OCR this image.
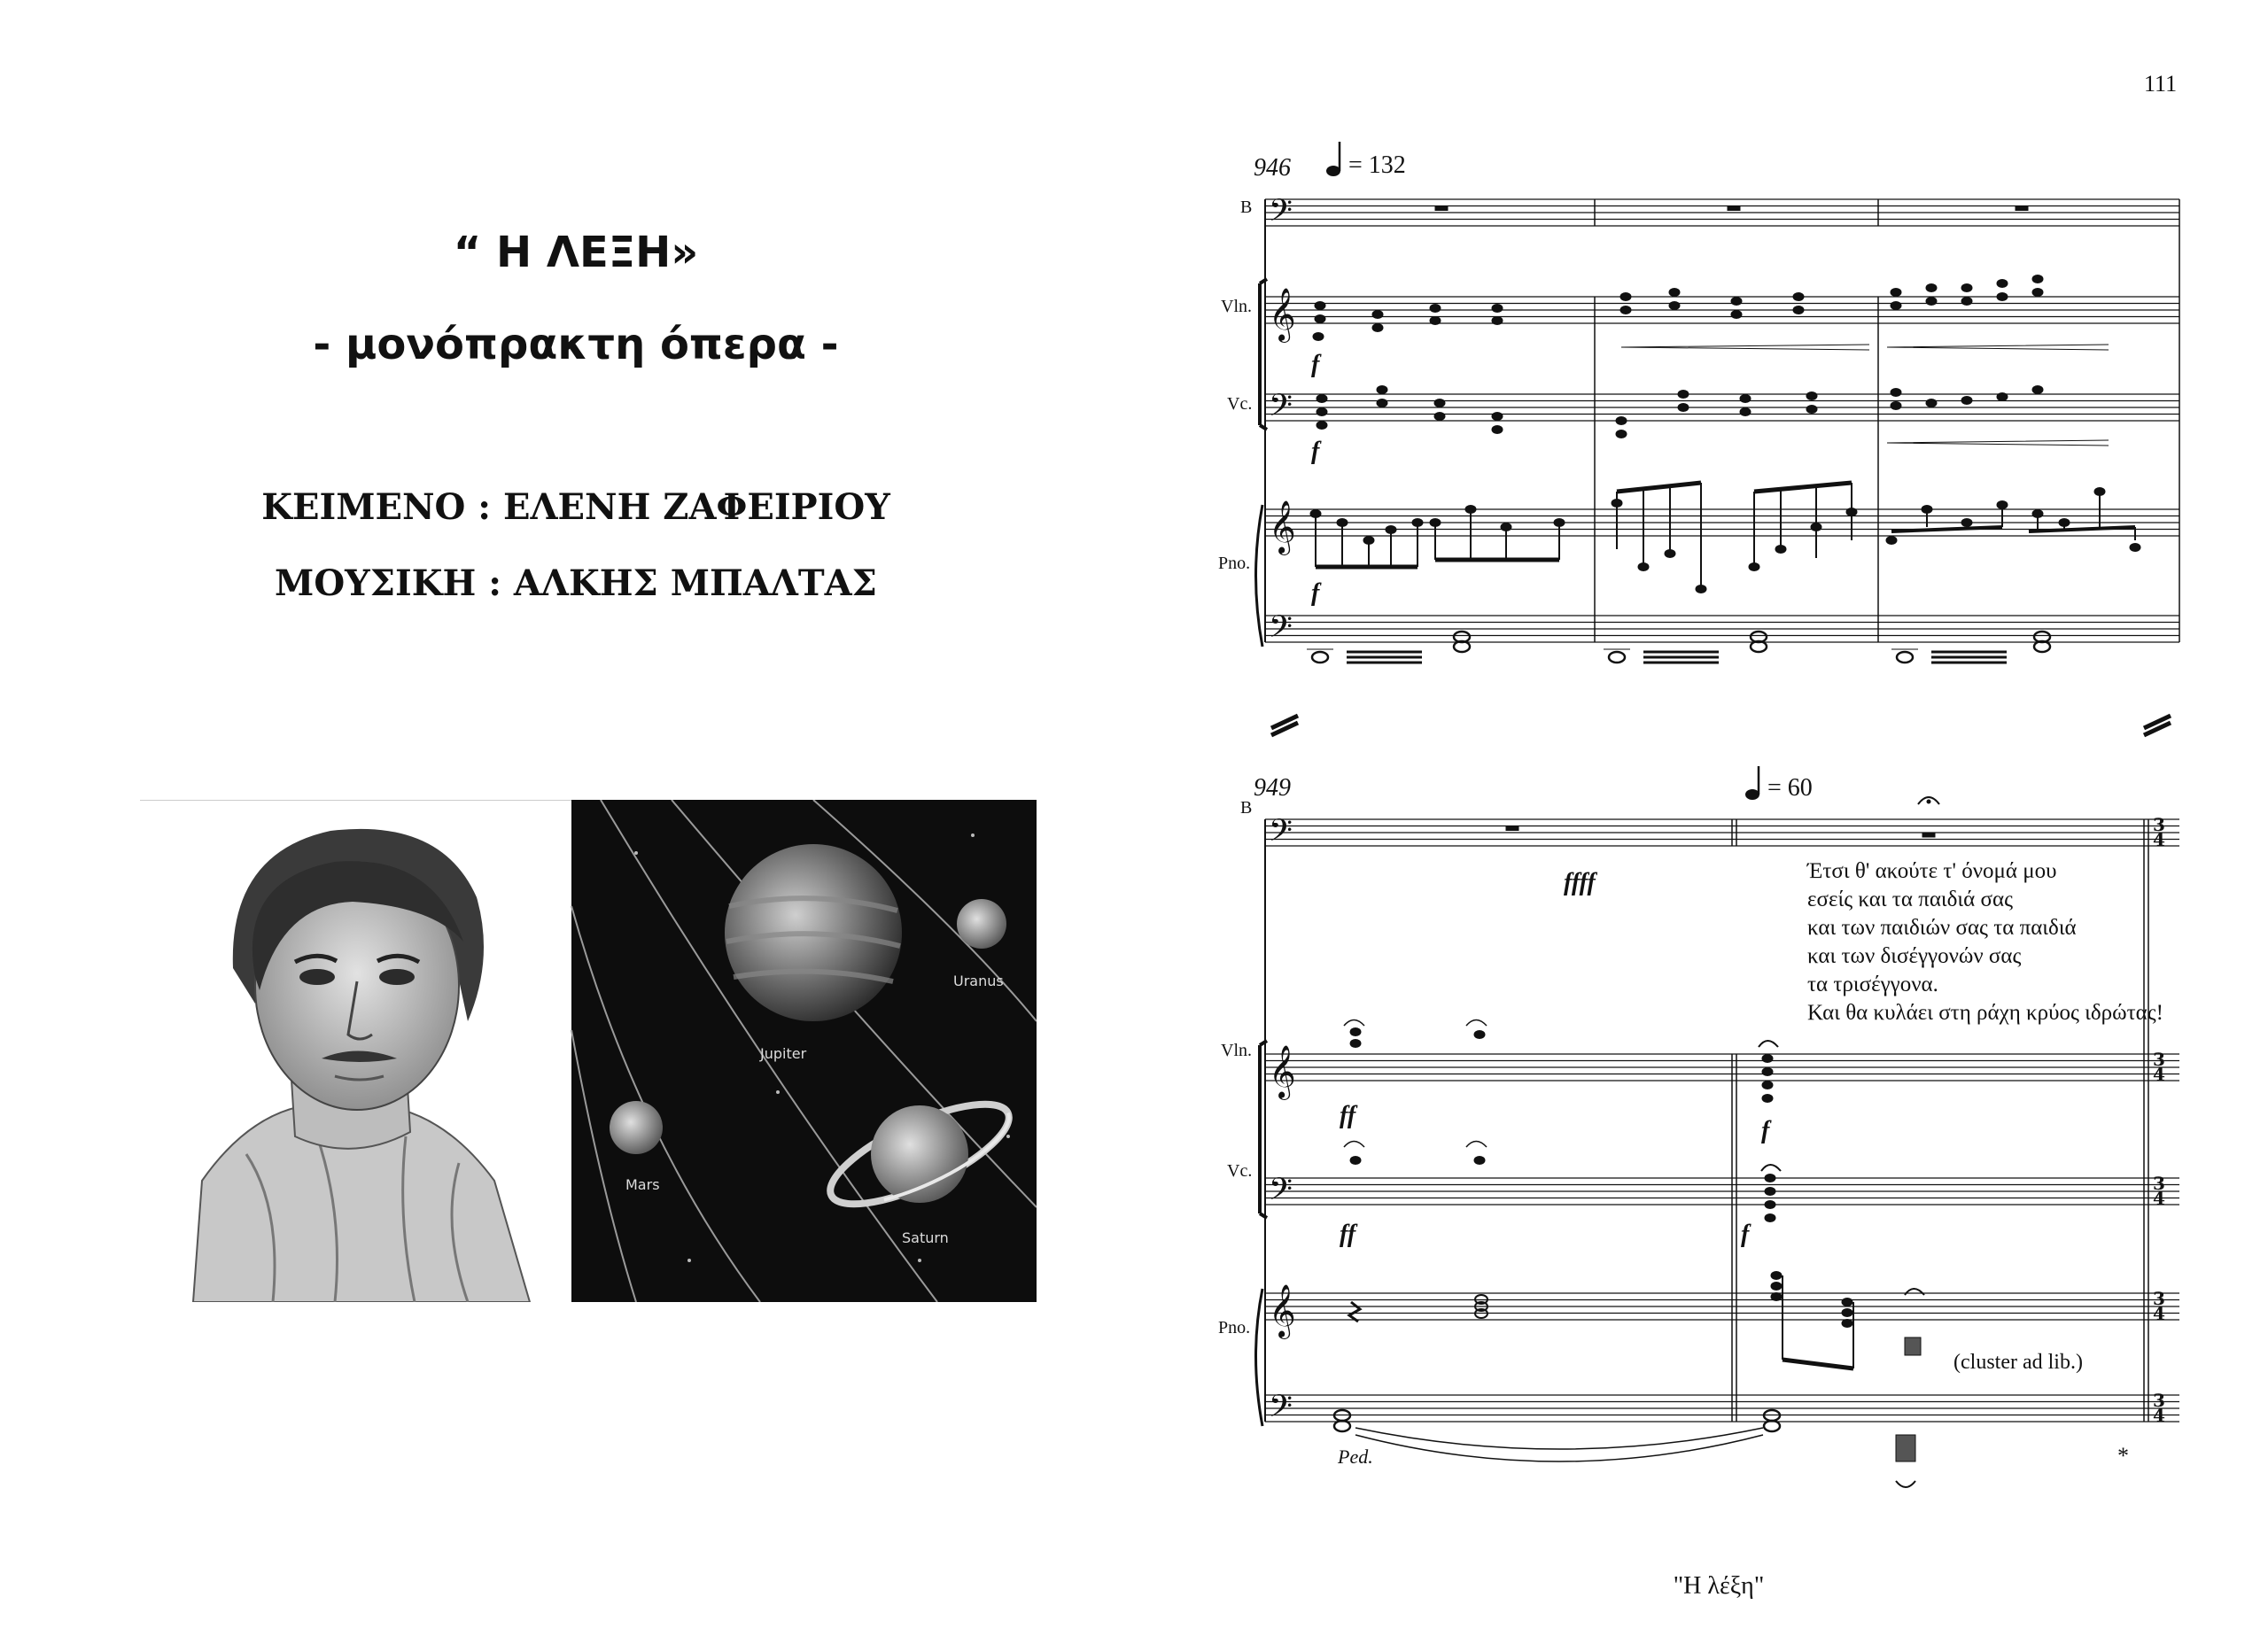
“ Η ΛΕΞΗ»
- μονόπρακτη όπερα -
ΚΕΙΜΕΝΟ : ΕΛΕΝΗ ΖΑΦΕΙΡΙΟΥ
ΜΟΥΣΙΚΗ : ΑΛΚΗΣ ΜΠΑΛΤΑΣ
Jupiter
Uranus
Mars
Saturn
111
𝄢
𝄞
𝄢
𝄞
𝄢
𝄢
𝄞
𝄢
𝄞
𝄢
B
Vln.
Vc.
Pno.
B
Vln.
Vc.
Pno.
946 = 132
949	= 60
f
f
f
ffff
ff
f
ff	f
3
4
3
4
3
4
3
4
3
4
Ped.	*
(cluster ad lib.)
Έτσι θ' ακούτε τ' όνομά μου
εσείς και τα παιδιά σας
και των παιδιών σας τα παιδιά
και των δισέγγονών σας
τα τρισέγγονα.
Και θα κυλάει στη ράχη κρύος ιδρώτας!
"Η λέξη"
